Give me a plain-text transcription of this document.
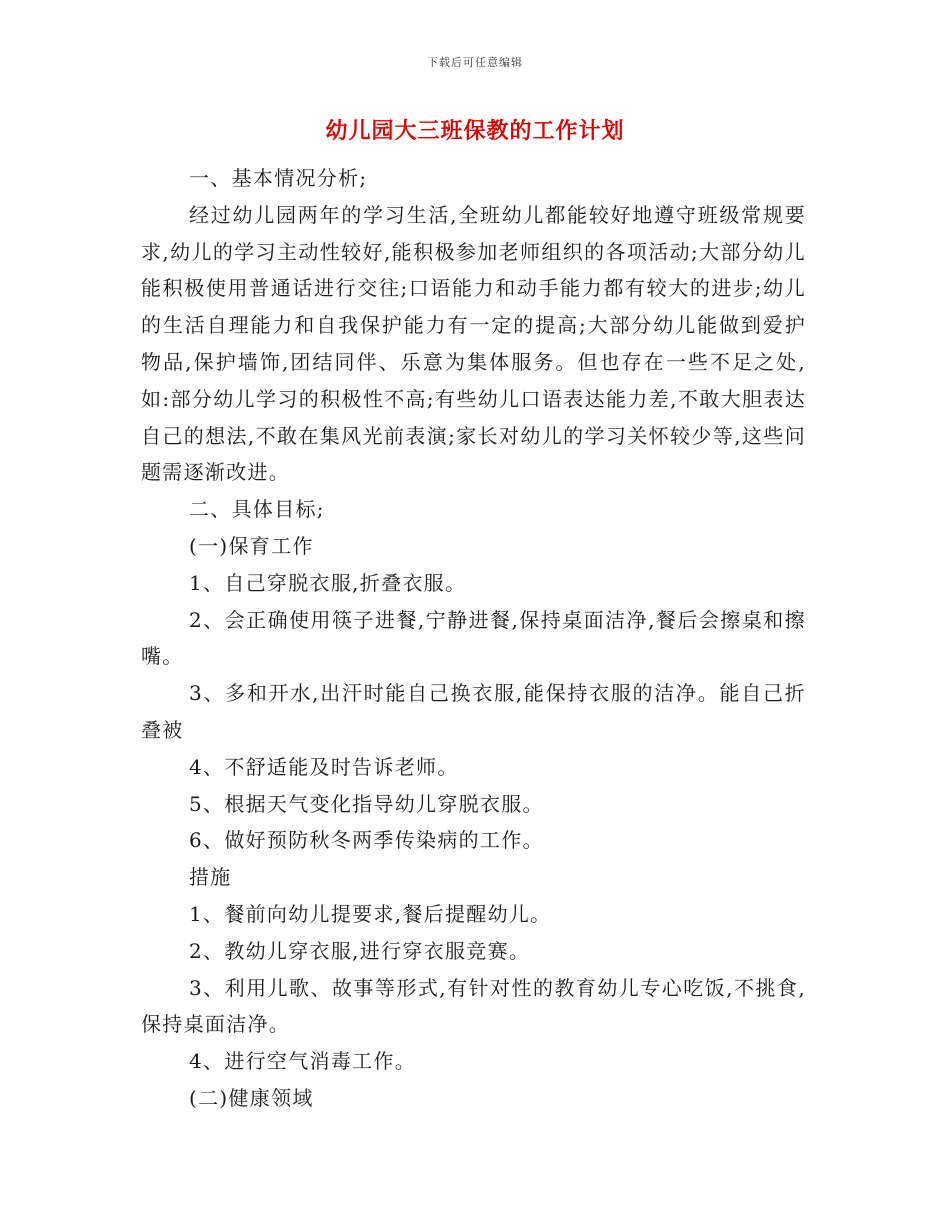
下载后可任意编辑
幼儿园大三班保教的工作计划

一、基本情况分析;

经过幼儿园两年的学习生活,全班幼儿都能较好地遵守班级常规要求,幼儿的学习主动性较好,能积极参加老师组织的各项活动;大部分幼儿能积极使用普通话进行交往;口语能力和动手能力都有较大的进步;幼儿的生活自理能力和自我保护能力有一定的提高;大部分幼儿能做到爱护物品,保护墙饰,团结同伴、乐意为集体服务。但也存在一些不足之处,如:部分幼儿学习的积极性不高;有些幼儿口语表达能力差,不敢大胆表达自己的想法,不敢在集风光前表演;家长对幼儿的学习关怀较少等,这些问题需逐渐改进。

二、具体目标;

(一)保育工作

1、自己穿脱衣服,折叠衣服。

2、会正确使用筷子进餐,宁静进餐,保持桌面洁净,餐后会擦桌和擦嘴。

3、多和开水,出汗时能自己换衣服,能保持衣服的洁净。能自己折叠被

4、不舒适能及时告诉老师。

5、根据天气变化指导幼儿穿脱衣服。

6、做好预防秋冬两季传染病的工作。

措施

1、餐前向幼儿提要求,餐后提醒幼儿。

2、教幼儿穿衣服,进行穿衣服竞赛。

3、利用儿歌、故事等形式,有针对性的教育幼儿专心吃饭,不挑食,保持桌面洁净。

4、进行空气消毒工作。

(二)健康领域
